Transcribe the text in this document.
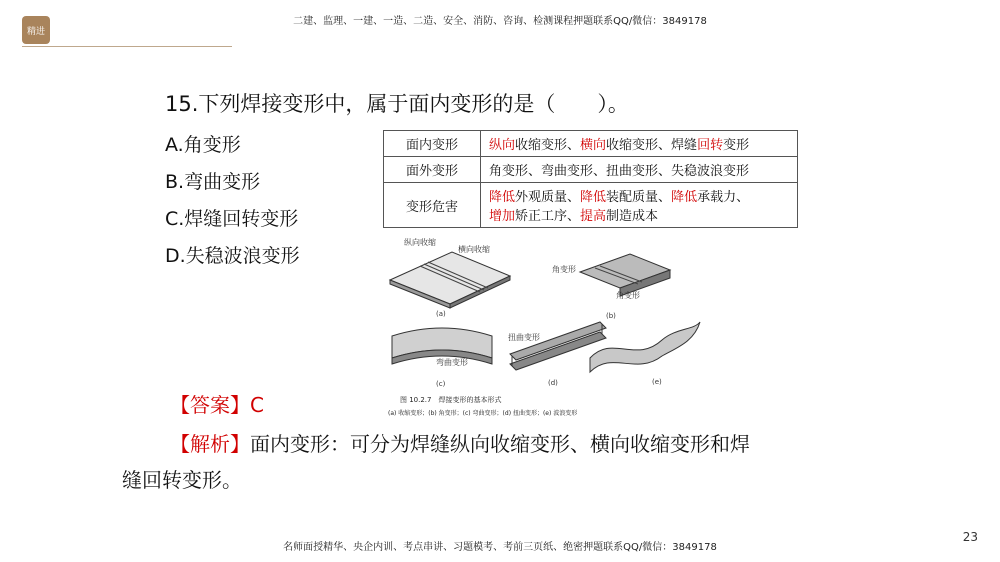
精进
二建、监理、一建、一造、二造、安全、消防、咨询、检测课程押题联系QQ/微信：3849178
15.下列焊接变形中，属于面内变形的是（　　）。
A.角变形
B.弯曲变形
C.焊缝回转变形
D.失稳波浪变形
面内变形	纵向收缩变形、横向收缩变形、焊缝回转变形
面外变形	角变形、弯曲变形、扭曲变形、失稳波浪变形
变形危害	降低外观质量、降低装配质量、降低承载力、
增加矫正工序、提高制造成本
纵向收缩
横向收缩
(a)
角变形
角变形
(b)
弯曲变形
(c)
扭曲变形
(d)	(e)
图 10.2.7　焊接变形的基本形式
(a) 收缩变形；(b) 角变形；(c) 弯曲变形；(d) 扭曲变形；(e) 波浪变形
【答案】C
【解析】面内变形：可分为焊缝纵向收缩变形、横向收缩变形和焊
缝回转变形。
名师面授精华、央企内训、考点串讲、习题模考、考前三页纸、绝密押题联系QQ/微信：3849178
23
